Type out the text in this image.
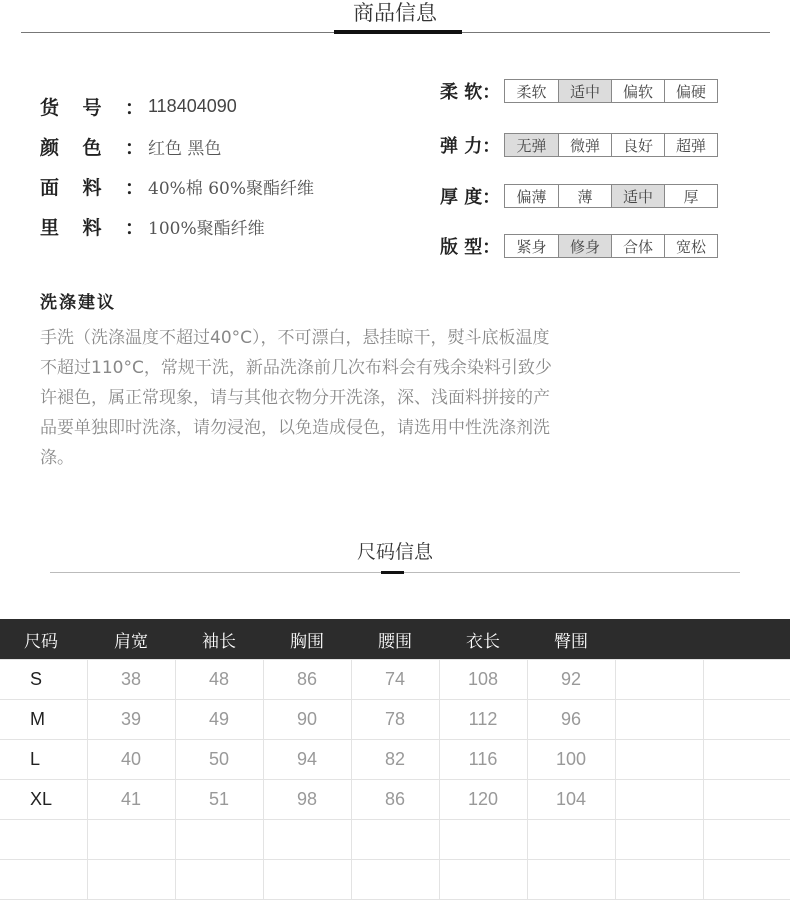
商品信息
货 号 ： 118404090
颜 色 ： 红色 黑色
面 料 ： 40%棉 60%聚酯纤维
里 料 ： 100%聚酯纤维
柔 软：	柔软	适中	偏软	偏硬
弹 力：	无弹	微弹	良好	超弹
厚 度：	偏薄	薄	适中	厚
版 型：	紧身	修身	合体	宽松
洗涤建议
手洗（洗涤温度不超过40°C），不可漂白，悬挂晾干，熨斗底板温度不超过110°C，常规干洗，新品洗涤前几次布料会有残余染料引致少许褪色，属正常现象，请与其他衣物分开洗涤，深、浅面料拼接的产品要单独即时洗涤，请勿浸泡，以免造成侵色，请选用中性洗涤剂洗涤。
尺码信息
尺码	肩宽	袖长	胸围	腰围	衣长	臀围		
S	38	48	86	74	108	92		
M	39	49	90	78	112	96		
L	40	50	94	82	116	100		
XL	41	51	98	86	120	104		
